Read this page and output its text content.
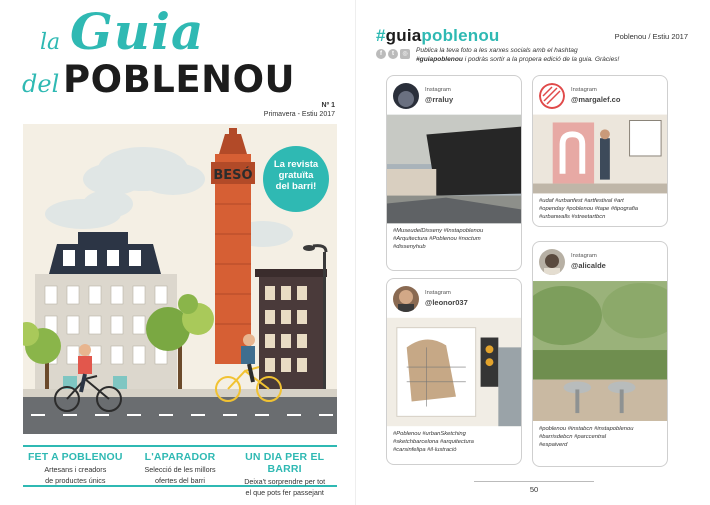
la Guia
del POBLENOU
Nº 1
Primavera - Estiu 2017
BESÓ
La revista
gratuïta
del barri!
FET A POBLENOU
Artesans i creadors
de productes únics
L'APARADOR
Selecció de les millors
ofertes del barri
UN DIA PER EL BARRI
Deixa't sorprendre per tot
el que pots fer passejant
#guiapoblenou	Poblenou / Estiu 2017
f	t	◎	Publica la teva foto a les xarxes socials amb el hashtag
#guiapoblenou i podràs sortir a la propera edició de la guia. Gràcies!
Instagram
@rraluy
#MuseudelDisseny #Instapoblenou
#Arquitectura #Poblenou #noctum
#dissenyhub
Instagram
@margalef.co
#udaf #urbanfest #artfestival #art
#openday #poblenou #tape #tipografia
#urbanwalls #streetartbcn
Instagram
@leonor037
#Poblenou #urbanSketching
#sketchbarcelona #arquitectura
#carsinfelipa #il·lustració
Instagram
@alicalde
#poblenou #instabcn #instapoblenou
#barrisdebcn #parccentral
#espaiverd
50
